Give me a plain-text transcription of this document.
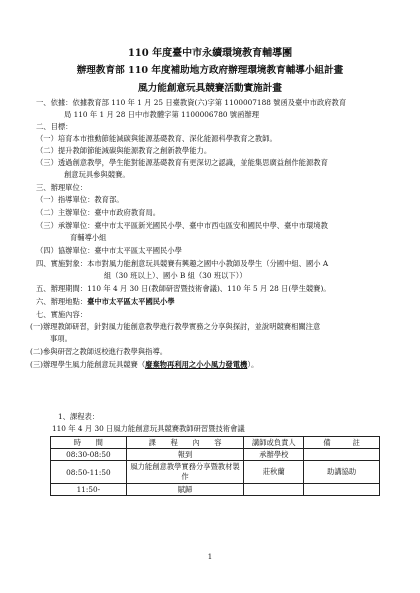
110 年度臺中市永續環境教育輔導團
辦理教育部 110 年度補助地方政府辦理環境教育輔導小組計畫
風力能創意玩具競賽活動實施計畫
一、依據：依據教育部 110 年 1 月 25 日臺教資(六)字第 1100007188 號函及臺中市政府教育
局 110 年 1 月 28 日中市教體字第 1100006780 號函辦理
二、目標：
（一）培育本市推動節能減碳與能源基礎教育、深化能源科學教育之教師。
（二）提升教師節能減碳與能源教育之創新教學能力。
（三）透過創意教學，學生能對能源基礎教育有更深切之認識，並能集思廣益創作能源教育
創意玩具參與競賽。
三、辦理單位：
（一）指導單位：教育部。
（二）主辦單位：臺中市政府教育局。
（三）承辦單位：臺中市太平區新光國民小學、臺中市西屯區安和國民中學、臺中市環境教
育輔導小組
（四）協辦單位：臺中市太平區太平國民小學
四、實施對象：本市對風力能創意玩具競賽有興趣之國中小教師及學生（分國中組、國小 A
組（30 班以上）、國小 B 組（30 班以下））
五、辦理期間：110 年 4 月 30 日(教師研習暨技術會議)、110 年 5 月 28 日(學生競賽)。
六、辦理地點：臺中市太平區太平國民小學
七、實施內容：
(一)辦理教師研習，針對風力能創意教學進行教學實務之分享與探討，並說明競賽相關注意
事項。
(二)參與研習之教師返校進行教學與指導。
(三)辦理學生風力能創意玩具競賽（廢棄物再利用之小小風力發電機）。
1、課程表：
110 年 4 月 30 日風力能創意玩具競賽教師研習暨技術會議
時　　間	課　　程　　內　　容	講師或負責人	備　　　註
08:30-08:50	報到	承辦學校	
08:50-11:50	風力能創意教學實務分享暨教材製作	莊秋蘭	助講協助
11:50-	賦歸		
1
